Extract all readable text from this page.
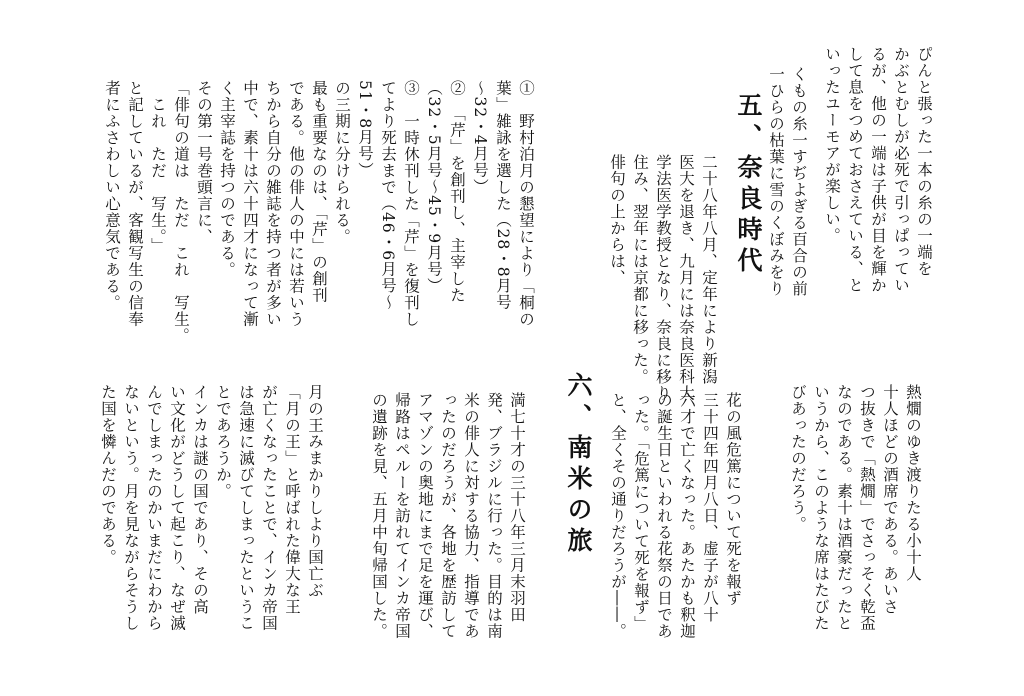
ぴんと張った一本の糸の一端を
かぶとむしが必死で引っぱってい
るが、他の一端は子供が目を輝か
して息をつめておさえている、と
いったユーモアが楽しい。
くもの糸一すぢよぎる百合の前
一ひらの枯葉に雪のくぼみをり
五、奈良時代
二十八年八月、定年により新潟
医大を退き、九月には奈良医科大
学法医学教授となり、奈良に移り
住み、翌年には京都に移った。
俳句の上からは、
①　野村泊月の懇望により「桐の
葉」雑詠を選した（28・8月号
～32・4月号）
②　「芹」を創刊し、主宰した
（32・5月号～45・9月号）
③　一時休刊した「芹」を復刊し
てより死去まで（46・6月号～
51・8月号）
の三期に分けられる。
最も重要なのは、「芹」の創刊
である。他の俳人の中には若いう
ちから自分の雑誌を持つ者が多い
中で、素十は六十四才になって漸
く主宰誌を持つのである。
その第一号巻頭言に、
「俳句の道は　ただ　これ　写生。
　これ　ただ　写生。」
と記しているが、客観写生の信奉
者にふさわしい心意気である。
熱燗のゆき渡りたる小十人
十人ほどの酒席である。あいさ
つ抜きで「熱燗」でさっそく乾盃
なのである。素十は酒豪だったと
いうから、このような席はたびた
びあったのだろう。
花の風危篤について死を報ず
三十四年四月八日、虚子が八十
六才で亡くなった。あたかも釈迦
の誕生日といわれる花祭の日であ
った。「危篤について死を報ず」
と、全くその通りだろうが――。
六、南米の旅
満七十才の三十八年三月末羽田
発、ブラジルに行った。目的は南
米の俳人に対する協力、指導であ
ったのだろうが、各地を歴訪して
アマゾンの奥地にまで足を運び、
帰路はペルーを訪れてインカ帝国
の遺跡を見、五月中旬帰国した。
月の王みまかりしより国亡ぶ
「月の王」と呼ばれた偉大な王
が亡くなったことで、インカ帝国
は急速に滅びてしまったというこ
とであろうか。
インカは謎の国であり、その高
い文化がどうして起こり、なぜ滅
んでしまったのかいまだにわから
ないという。月を見ながらそうし
た国を憐んだのである。
